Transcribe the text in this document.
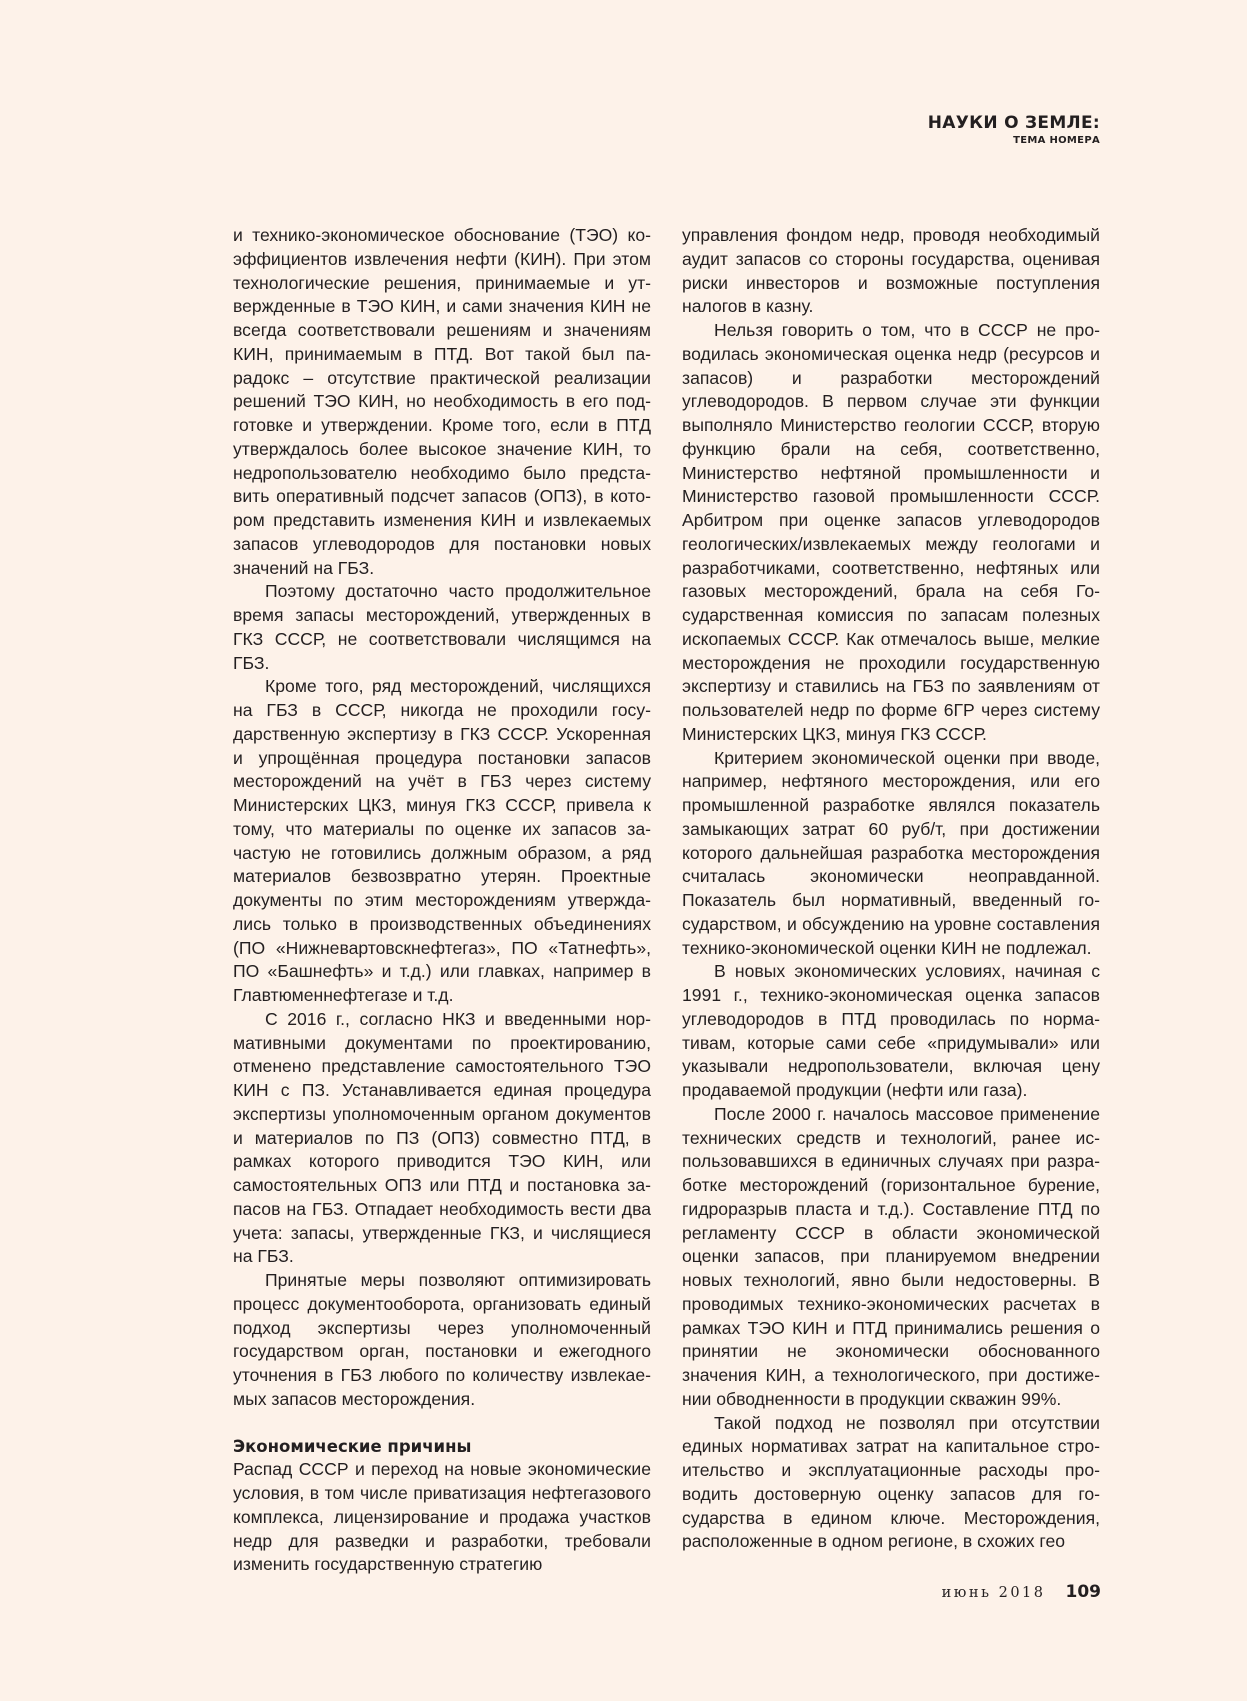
НАУКИ О ЗЕМЛЕ:
ТЕМА НОМЕРА

и технико-экономическое обоснование (ТЭО) коэффициентов извлечения нефти (КИН). При этом технологические решения, принимаемые и утвержденные в ТЭО КИН, и сами значения КИН не всегда соответствовали решениям и значениям КИН, принимаемым в ПТД. Вот такой был парадокс – отсутствие практической реализации решений ТЭО КИН, но необходимость в его подготовке и утверждении. Кроме того, если в ПТД утверждалось более высокое значение КИН, то недропользователю необходимо было представить оперативный подсчет запасов (ОПЗ), в котором представить изменения КИН и извлекаемых запасов углеводородов для постановки новых значений на ГБЗ.

Поэтому достаточно часто продолжительное время запасы месторождений, утвержденных в ГКЗ СССР, не соответствовали числящимся на ГБЗ.

Кроме того, ряд месторождений, числящихся на ГБЗ в СССР, никогда не проходили государственную экспертизу в ГКЗ СССР. Ускоренная и упрощённая процедура постановки запасов месторождений на учёт в ГБЗ через систему Министерских ЦКЗ, минуя ГКЗ СССР, привела к тому, что материалы по оценке их запасов зачастую не готовились должным образом, а ряд материалов безвозвратно утерян. Проектные документы по этим месторождениям утверждались только в производственных объединениях (ПО «Нижневартовскнефтегаз», ПО «Татнефть», ПО «Башнефть» и т.д.) или главках, например в Главтюменнефтегазе и т.д.

С 2016 г., согласно НКЗ и введенными нормативными документами по проектированию, отменено представление самостоятельного ТЭО КИН с ПЗ. Устанавливается единая процедура экспертизы уполномоченным органом документов и материалов по ПЗ (ОПЗ) совместно ПТД, в рамках которого приводится ТЭО КИН, или самостоятельных ОПЗ или ПТД и постановка запасов на ГБЗ. Отпадает необходимость вести два учета: запасы, утвержденные ГКЗ, и числящиеся на ГБЗ.

Принятые меры позволяют оптимизировать процесс документооборота, организовать единый подход экспертизы через уполномоченный государством орган, постановки и ежегодного уточнения в ГБЗ любого по количеству извлекаемых запасов месторождения.

Экономические причины

Распад СССР и переход на новые экономические условия, в том числе приватизация нефтегазового комплекса, лицензирование и продажа участков недр для разведки и разработки, требовали изменить государственную стратегию

управления фондом недр, проводя необходимый аудит запасов со стороны государства, оценивая риски инвесторов и возможные поступления налогов в казну.

Нельзя говорить о том, что в СССР не проводилась экономическая оценка недр (ресурсов и запасов) и разработки месторождений углеводородов. В первом случае эти функции выполняло Министерство геологии СССР, вторую функцию брали на себя, соответственно, Министерство нефтяной промышленности и Министерство газовой промышленности СССР. Арбитром при оценке запасов углеводородов геологических/извлекаемых между геологами и разработчиками, соответственно, нефтяных или газовых месторождений, брала на себя Государственная комиссия по запасам полезных ископаемых СССР. Как отмечалось выше, мелкие месторождения не проходили государственную экспертизу и ставились на ГБЗ по заявлениям от пользователей недр по форме 6ГР через систему Министерских ЦКЗ, минуя ГКЗ СССР.

Критерием экономической оценки при вводе, например, нефтяного месторождения, или его промышленной разработке являлся показатель замыкающих затрат 60 руб/т, при достижении которого дальнейшая разработка месторождения считалась экономически неоправданной. Показатель был нормативный, введенный государством, и обсуждению на уровне составления технико-экономической оценки КИН не подлежал.

В новых экономических условиях, начиная с 1991 г., технико-экономическая оценка запасов углеводородов в ПТД проводилась по нормативам, которые сами себе «придумывали» или указывали недропользователи, включая цену продаваемой продукции (нефти или газа).

После 2000 г. началось массовое применение технических средств и технологий, ранее использовавшихся в единичных случаях при разработке месторождений (горизонтальное бурение, гидроразрыв пласта и т.д.). Составление ПТД по регламенту СССР в области экономической оценки запасов, при планируемом внедрении новых технологий, явно были недостоверны. В проводимых технико-экономических расчетах в рамках ТЭО КИН и ПТД принимались решения о принятии не экономически обоснованного значения КИН, а технологического, при достижении обводненности в продукции скважин 99%.

Такой подход не позволял при отсутствии единых нормативах затрат на капитальное строительство и эксплуатационные расходы проводить достоверную оценку запасов для государства в едином ключе. Месторождения, расположенные в одном регионе, в схожих гео

июнь 2018 109
